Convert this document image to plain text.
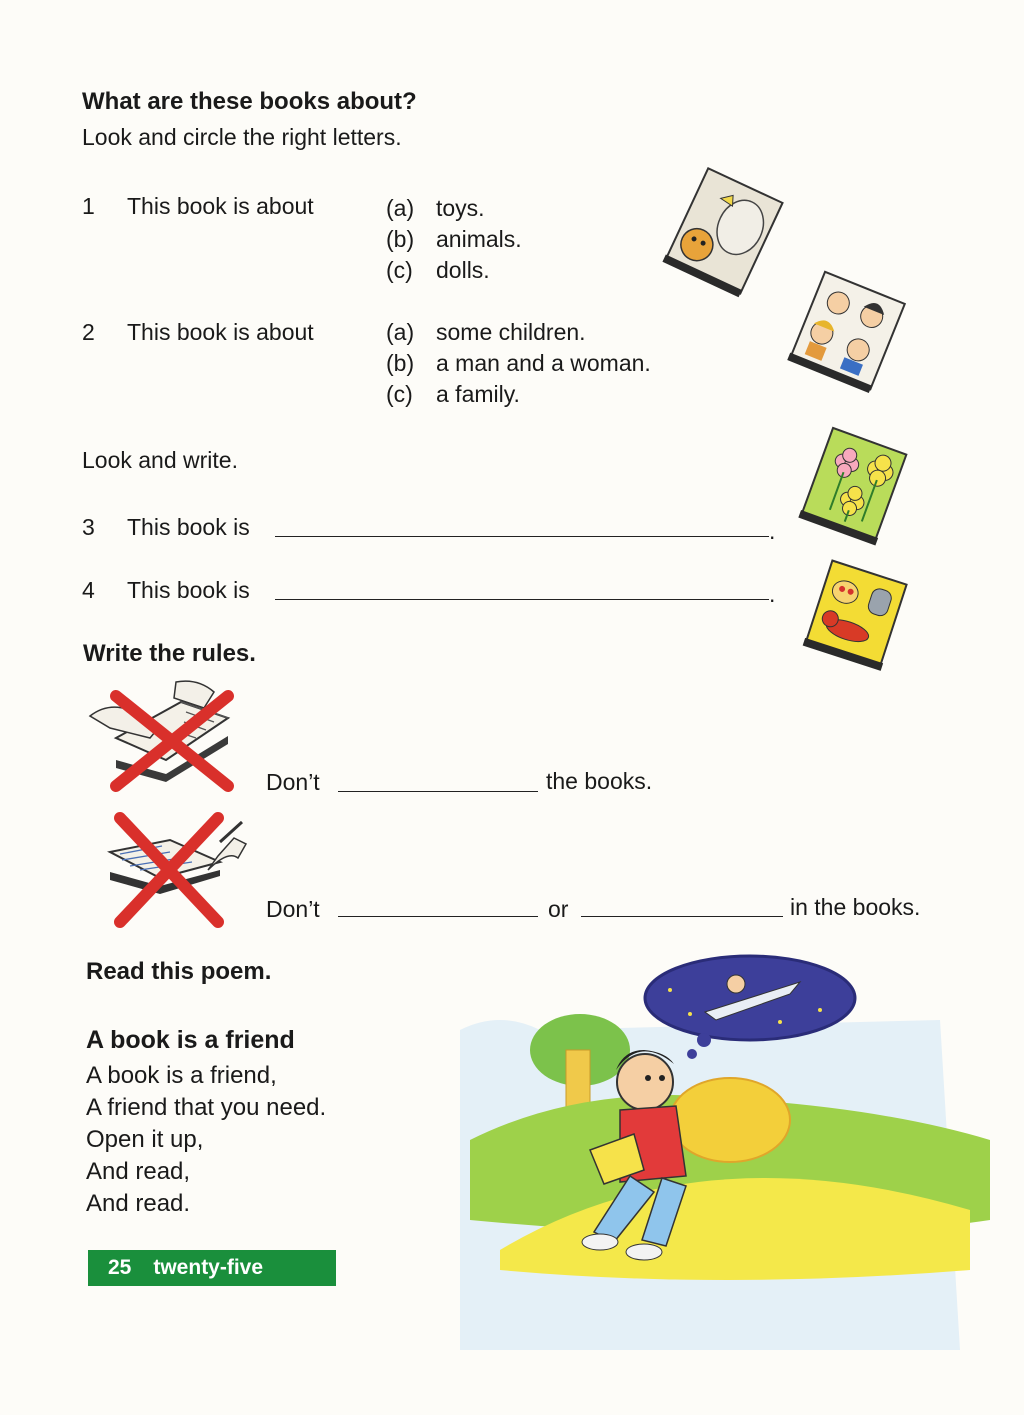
What are these books about?
Look and circle the right letters.
1 This book is about	(a) toys.
(b) animals.
(c) dolls.
2 This book is about	(a) some children.
(b) a man and a woman.
(c) a family.
Look and write.
3 This book is	.
4 This book is	.
Write the rules.
Don’t	the books.
Don’t	or	in the books.
Read this poem.
A book is a friend
A book is a friend,
A friend that you need.
Open it up,
And read,
And read.
25 twenty-five
